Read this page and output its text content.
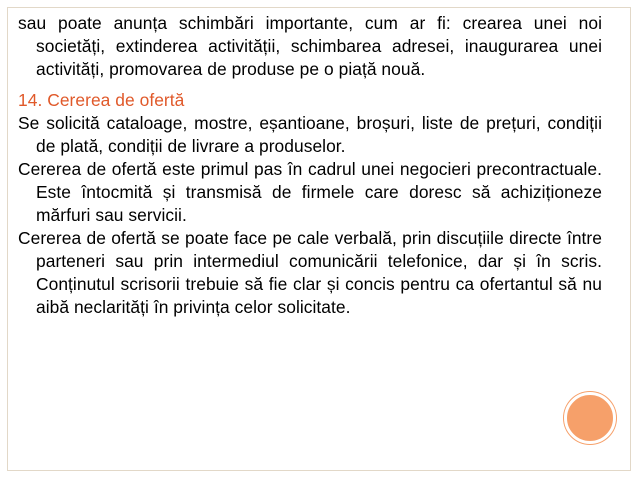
sau poate anunța schimbări importante, cum ar fi: crearea unei noi societăți, extinderea activității, schimbarea adresei, inaugurarea unei activități, promovarea de produse pe o piață nouă.

14. Cererea de ofertă

Se solicită cataloage, mostre, eșantioane, broșuri, liste de prețuri, condiții de plată, condiții de livrare a produselor.

Cererea de ofertă este primul pas în cadrul unei negocieri precontractuale. Este întocmită și transmisă de firmele care doresc să achiziționeze mărfuri sau servicii.

Cererea de ofertă se poate face pe cale verbală, prin discuțiile directe între parteneri sau prin intermediul comunicării telefonice, dar și în scris. Conținutul scrisorii trebuie să fie clar și concis pentru ca ofertantul să nu aibă neclarități în privința celor solicitate.
